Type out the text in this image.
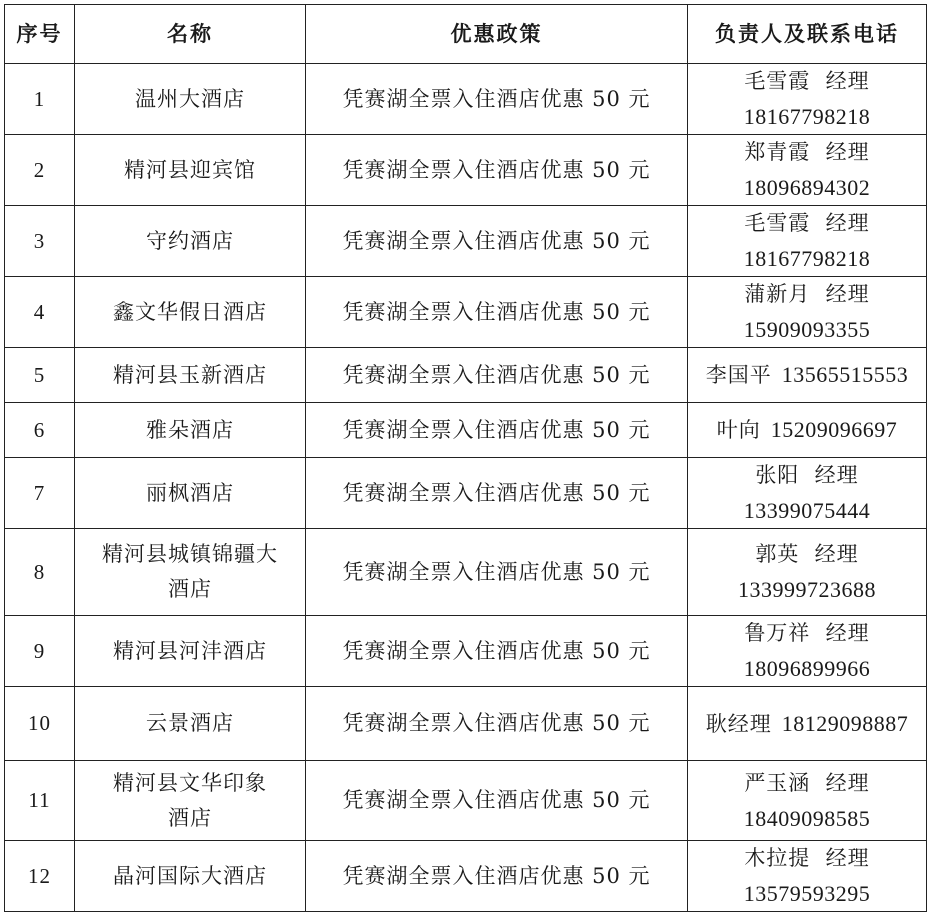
序号	名称	优惠政策	负责人及联系电话
1	温州大酒店	凭赛湖全票入住酒店优惠 50 元	毛雪霞  经理
18167798218

2	精河县迎宾馆	凭赛湖全票入住酒店优惠 50 元	郑青霞  经理
18096894302

3	守约酒店	凭赛湖全票入住酒店优惠 50 元	毛雪霞  经理
18167798218

4	鑫文华假日酒店	凭赛湖全票入住酒店优惠 50 元	蒲新月  经理
15909093355

5	精河县玉新酒店	凭赛湖全票入住酒店优惠 50 元	李国平 13565515553
6	雅朵酒店	凭赛湖全票入住酒店优惠 50 元	叶向 15209096697
7	丽枫酒店	凭赛湖全票入住酒店优惠 50 元	张阳  经理
13399075444

8	精河县城镇锦疆大
酒店	凭赛湖全票入住酒店优惠 50 元	郭英  经理
133999723688

9	精河县河沣酒店	凭赛湖全票入住酒店优惠 50 元	鲁万祥  经理
18096899966

10	云景酒店	凭赛湖全票入住酒店优惠 50 元	耿经理 18129098887
11	精河县文华印象
酒店	凭赛湖全票入住酒店优惠 50 元	严玉涵  经理
18409098585

12	晶河国际大酒店	凭赛湖全票入住酒店优惠 50 元	木拉提  经理
13579593295
